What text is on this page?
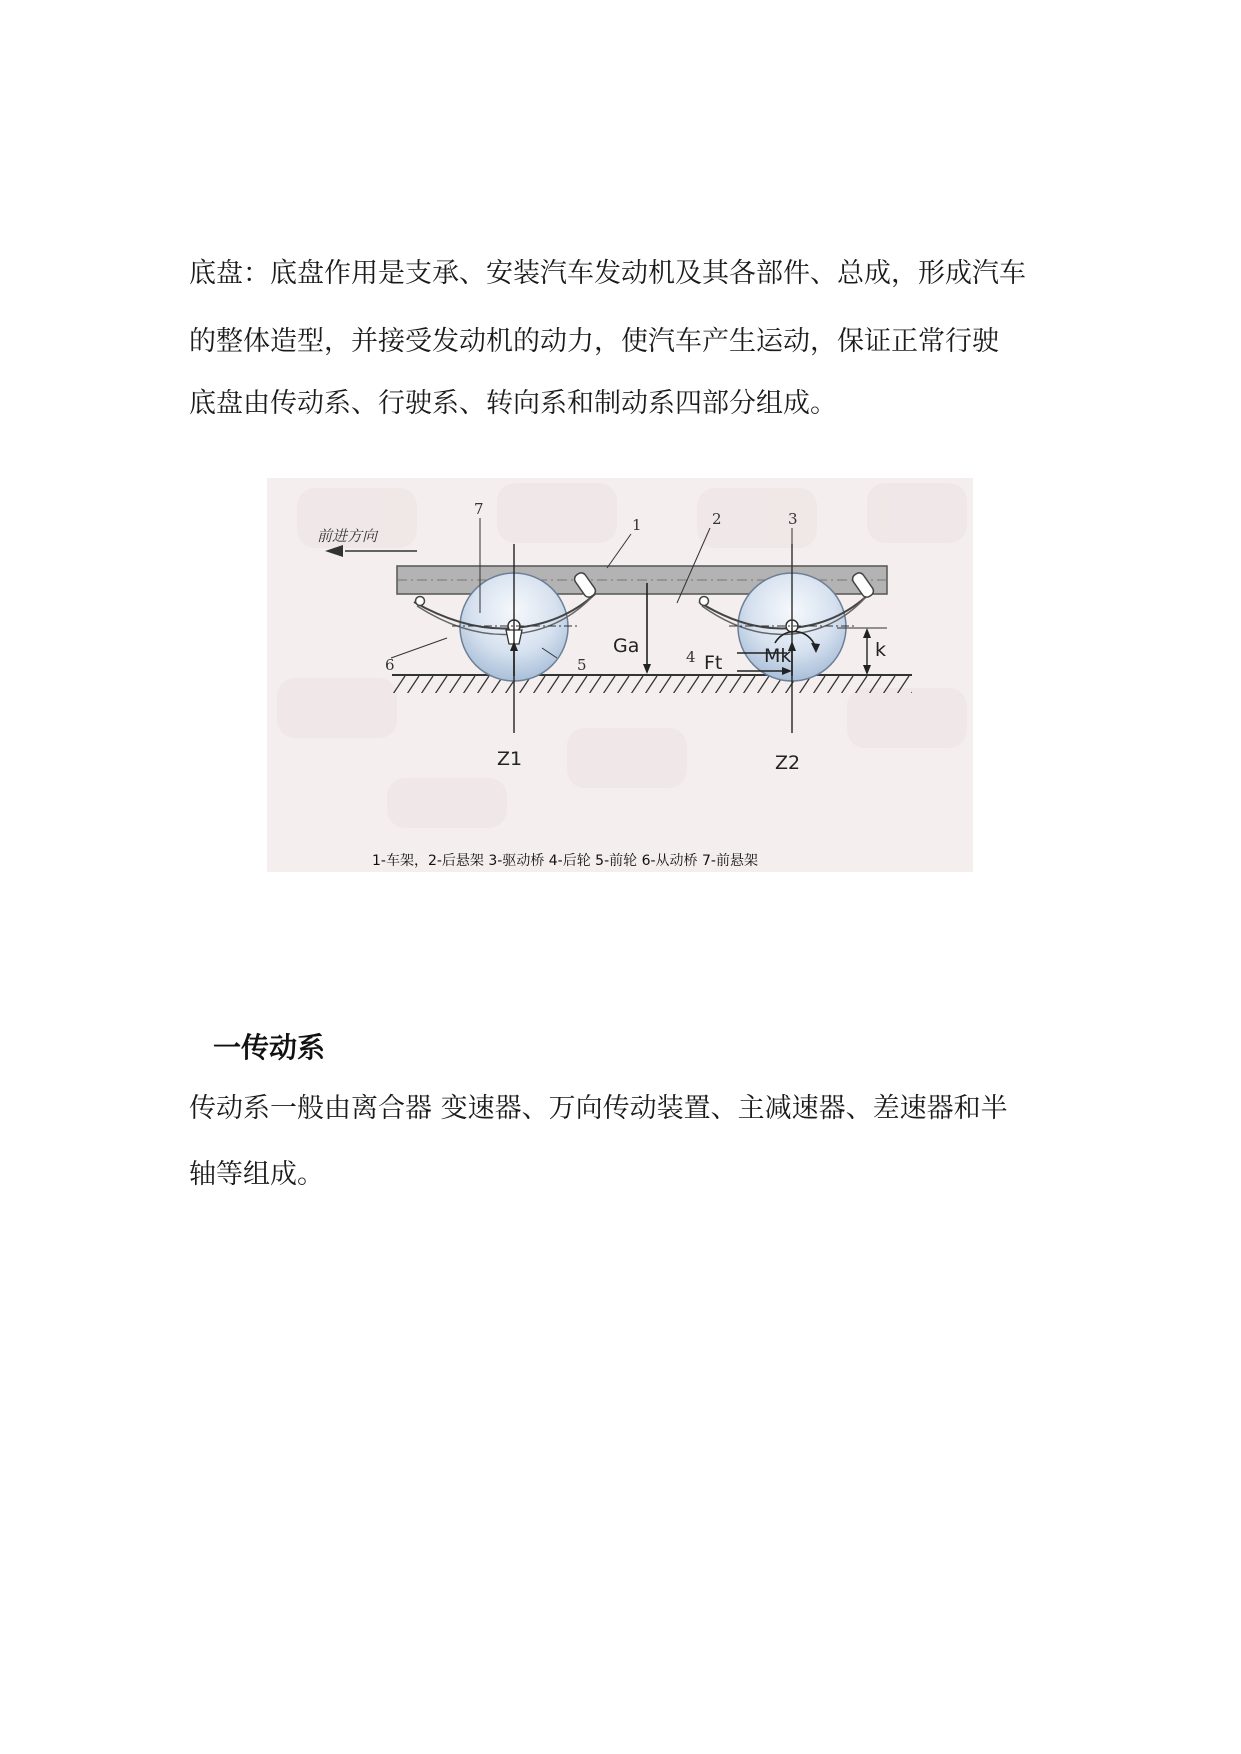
底盘：底盘作用是支承、安装汽车发动机及其各部件、总成，形成汽车

的整体造型，并接受发动机的动力，使汽车产生运动，保证正常行驶

底盘由传动系、行驶系、转向系和制动系四部分组成。

前进方向
7
1	2	3
4
5
6
Ga
Ft Mk	k
Z1	Z2
1-车架，2-后悬架 3-驱动桥 4-后轮 5-前轮 6-从动桥 7-前悬架
一传动系

传动系一般由离合器 变速器、万向传动装置、主减速器、差速器和半

轴等组成。
